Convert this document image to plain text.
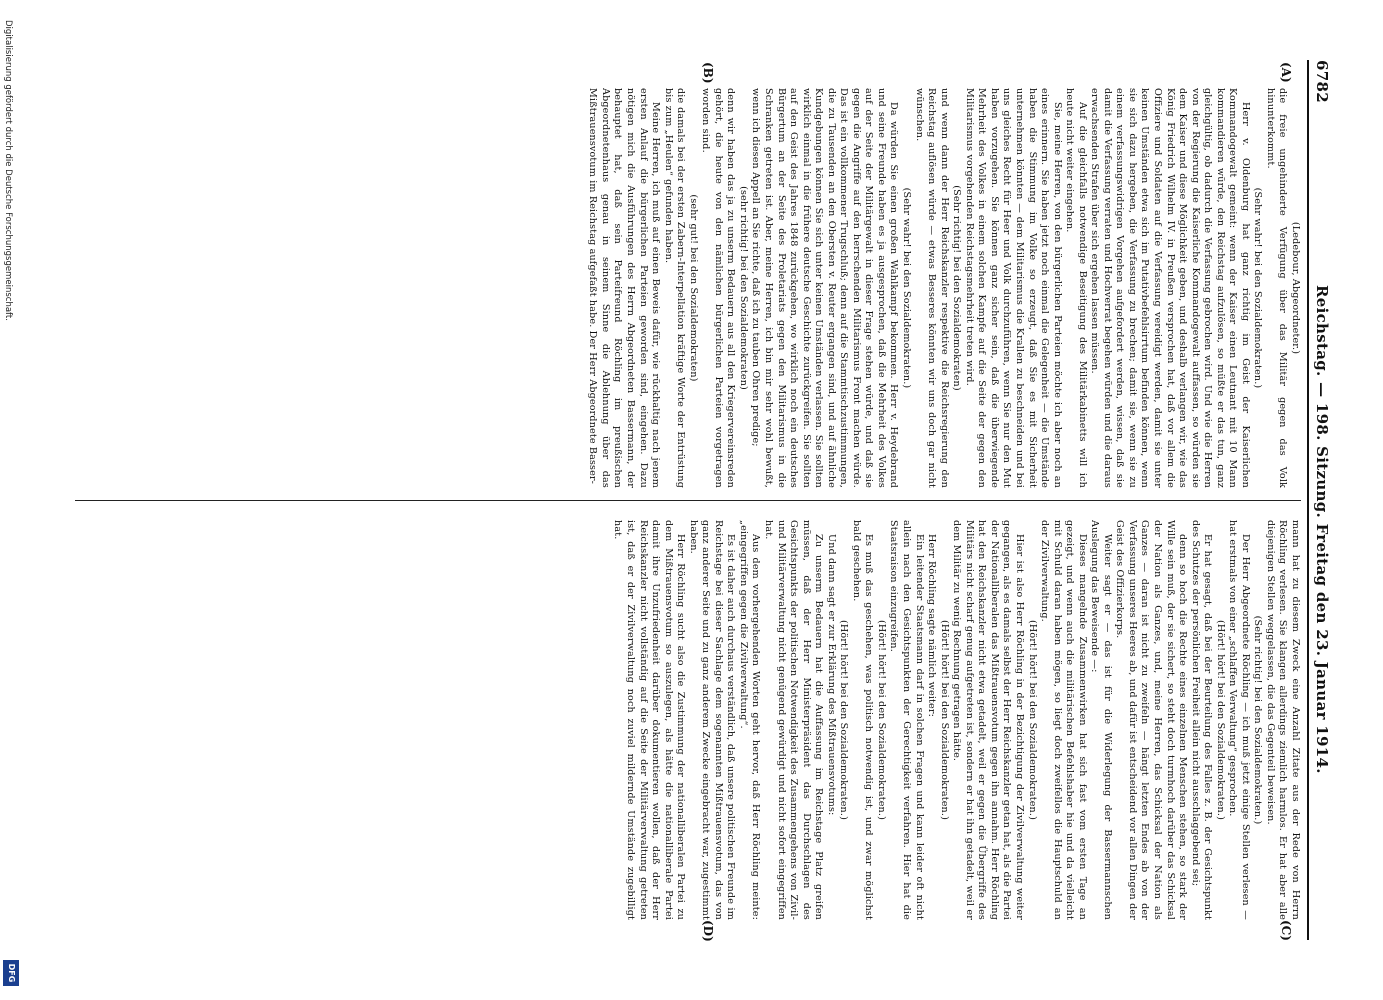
6782
Reichstag. — 198. Sitzung. Freitag den 23. Januar 1914.
(A)
(B)
(C)
(D)

(Ledebour, Abgeordneter.)

die freie ungehinderte Verfügung über das Militär gegen das Volk hinunterkommt.

(Sehr wahr! bei den Sozialdemokraten.)

Herr v. Oldenburg hat ganz richtig im Geist der Kaiserlichen Kommandogewalt gemeint: wenn der Kaiser einen Leutnant mit 10 Mann kommandieren würde, den Reichstag aufzulösen, so müßte er das tun, ganz gleichgültig, ob dadurch die Verfassung gebrochen wird. Und wie die Herren von der Regierung die Kaiserliche Kommandogewalt auffassen, so würden sie dem Kaiser und diese Möglichkeit geben, und deshalb verlangen wir, wie das König Friedrich Wilhelm IV. in Preußen versprochen hat, daß vor allem die Offiziere und Soldaten auf die Verfassung vereidigt werden, damit sie unter keinen Umständen etwa sich im Putativbefehlsirrtum befinden können, wenn sie sich dazu hergeben, die Verfassung zu brechen; damit sie, wenn sie zu einem verfassungswidrigen Vorgehen aufgefordert werden, wissen, daß sie damit die Verfassung verraten und Hochverrat begehen würden und die daraus erwachsenden Strafen über sich ergehen lassen müssen.

Auf die gleichfalls notwendige Beseitigung des Militärkabinetts will ich heute nicht weiter eingehen.

Sie, meine Herren, von den bürgerlichen Parteien möchte ich aber noch an eines erinnern. Sie haben jetzt noch einmal die Gelegenheit — die Umstände haben die Stimmung im Volke so erzeugt, daß Sie es mit Sicherheit unternehmen könnten — dem Militarismus die Krallen zu beschneiden und bei uns gleiches Recht für Heer und Volk durchzuführen, wenn Sie nur den Mut haben vorzugehen. Sie können ganz sicher sein, daß die überwiegende Mehrheit des Volkes in einem solchen Kampfe auf die Seite der gegen den Militarismus vorgehenden Reichstagsmehrheit treten wird.

(Sehr richtig! bei den Sozialdemokraten)

und wenn dann der Herr Reichskanzler respektive die Reichsregierung den Reichstag auflösen würde — etwas Besseres könnten wir uns doch gar nicht wünschen.

(Sehr wahr! bei den Sozialdemokraten.)

Da würden Sie einen großen Wahlkampf bekommen. Herr v. Heydebrand und seine Freunde haben es ja ausgesprochen, daß die Mehrheit des Volkes auf der Seite der Militärgewalt in dieser Frage stehen würde, und daß sie gegen die Angriffe auf den herrschenden Militarismus Front machen würde. Das ist ein vollkommener Trugschluß; denn auf die Stammtischzustimmungen, die zu Tausenden an den Obersten v. Reuter ergangen sind, und auf ähnliche Kundgebungen können Sie sich unter keinen Umständen verlassen. Sie sollten wirklich einmal in die frühere deutsche Geschichte zurückgreifen. Sie sollten auf den Geist des Jahres 1848 zurückgehen, wo wirklich noch ein deutsches Bürgertum an der Seite des Proletariats gegen den Militarismus in die Schranken getreten ist. Aber, meine Herren, ich bin mir sehr wohl bewußt, wenn ich diesen Appell an Sie richte, daß ich zu tauben Ohren predige;

(sehr richtig! bei den Sozialdemokraten)

denn wir haben das ja zu unserm Bedauern aus all den Kriegervereinsreden gehört, die heute von den nämlichen bürgerlichen Parteien vorgetragen worden sind.

(sehr gut! bei den Sozialdemokraten)

die damals bei der ersten Zabern-Interpellation kräftige Worte der Entrüstung bis zum „Heulen“ gefunden haben.

Meine Herren, ich muß auf einen Beweis dafür, wie rückhaltig nach jenem ersten Anlauf die bürgerlichen Parteien geworden sind, eingehen. Dazu nötigen mich die Ausführungen des Herrn Abgeordneten Bassermann, der behauptet hat, daß sein Parteifreund Röchling im preußischen Abgeordnetenhaus genau in seinem Sinne die Ablehnung über das Mißtrauensvotum im Reichstag aufgefaßt habe. Der Herr Abgeordnete Basser-

mann hat zu diesem Zweck eine Anzahl Zitate aus der Rede von Herrn Röchling verlesen. Sie klangen allerdings ziemlich harmlos. Er hat aber alle diejenigen Stellen weggelassen, die das Gegenteil beweisen.

(Sehr richtig! bei den Sozialdemokraten.)

Der Herr Abgeordnete Röchling — ich muß jetzt einige Stellen verlesen — hat erstmals von einer „schlaffen Verwaltung“ gesprochen.

(Hört! hört! bei den Sozialdemokraten.)

Er hat gesagt, daß bei der Beurteilung des Falles z. B. der Gesichtspunkt des Schutzes der persönlichen Freiheit allein nicht ausschlaggebend sei;

denn so hoch die Rechte eines einzelnen Menschen stehen, so stark der Wille sein muß, der sie sichert, so steht doch turmhoch darüber das Schicksal der Nation als Ganzes, und, meine Herren, das Schicksal der Nation als Ganzes — daran ist nicht zu zweifeln — hängt letzten Endes ab von der Verfassung unseres Heeres ab, und dafür ist entscheidend vor allen Dingen der Geist des Offizierkorps.

Weiter sagt er — das ist für die Widerlegung der Bassermannschen Auslegung das Beweisende —:

Dieses mangelnde Zusammenwirken hat sich fast vom ersten Tage an gezeigt, und wenn auch die militärischen Befehlshaber hie und da vielleicht mit Schuld daran haben mögen, so liegt doch zweifellos die Hauptschuld an der Zivilverwaltung.

(Hört! hört! bei den Sozialdemokraten.)

Hier ist also Herr Röchling in der Bezichtigung der Zivilverwaltung weiter gegangen, als es damals selbst der Herr Reichskanzler getan hat, als die Partei der Nationalliberalen das Mißtrauensvotum gegen ihn annahm. Herr Röchling hat den Reichskanzler nicht etwa getadelt, weil er gegen die Übergriffe des Militärs nicht scharf genug aufgetreten ist, sondern er hat ihn getadelt, weil er dem Militär zu wenig Rechnung getragen hätte.

(Hört! hört! bei den Sozialdemokraten.)

Herr Röchling sagte nämlich weiter:

Ein leitender Staatsmann darf in solchen Fragen und kann leider oft nicht allein nach den Gesichtspunkten der Gerechtigkeit verfahren. Hier hat die Staatsraison einzugreifen.

(Hört! hört! bei den Sozialdemokraten.)

Es muß das geschehen, was politisch notwendig ist, und zwar möglichst bald geschehen.

(Hört! hört! bei den Sozialdemokraten.)

Und dann sagt er zur Erklärung des Mißtrauensvotums:

Zu unserm Bedauern hat die Auffassung im Reichstage Platz greifen müssen, daß der Herr Ministerpräsident das Durchschlagen des Gesichtspunkts der politischen Notwendigkeit des Zusammengehens von Zivil- und Militärverwaltung nicht genügend gewürdigt und nicht sofort eingegriffen hat.

Aus dem vorhergehenden Worten geht hervor, daß Herr Röchling meinte: „eingegriffen gegen die Zivilverwaltung“.

Es ist daher auch durchaus verständlich, daß unsere politischen Freunde im Reichstage bei dieser Sachlage dem sogenannten Mißtrauensvotum, das von ganz anderer Seite und zu ganz anderem Zwecke eingebracht war, zugestimmt haben.

Herr Röchling sucht also die Zustimmung der nationalliberalen Partei zu dem Mißtrauensvotum so auszulegen, als hätte die nationalliberale Partei damit ihre Unzufriedenheit darüber dokumentieren wollen, daß der Herr Reichskanzler nicht vollständig auf die Seite der Militärverwaltung getreten ist, daß er der Zivilverwaltung noch zuviel mildernde Umstände zugebilligt hat.

Digitalisierung gefördert durch die Deutsche Forschungsgemeinschaft.
DFG
